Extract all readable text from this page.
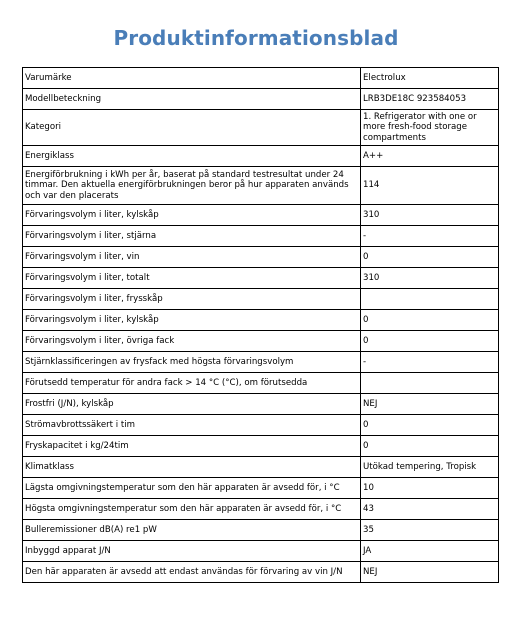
Produktinformationsblad
Varumärke	Electrolux
Modellbeteckning	LRB3DE18C 923584053
Kategori	1. Refrigerator with one or more fresh-food storage compartments
Energiklass	A++
Energiförbrukning i kWh per år, baserat på standard testresultat under 24 timmar. Den aktuella energiförbrukningen beror på hur apparaten används och var den placerats	114
Förvaringsvolym i liter, kylskåp	310
Förvaringsvolym i liter, stjärna	-
Förvaringsvolym i liter, vin	0
Förvaringsvolym i liter, totalt	310
Förvaringsvolym i liter, frysskåp	
Förvaringsvolym i liter, kylskåp	0
Förvaringsvolym i liter, övriga fack	0
Stjärnklassificeringen av frysfack med högsta förvaringsvolym	-
Förutsedd temperatur för andra fack > 14 °C (°C), om förutsedda	
Frostfri (J/N), kylskåp	NEJ
Strömavbrottssäkert i tim	0
Fryskapacitet i kg/24tim	0
Klimatklass	Utökad tempering, Tropisk
Lägsta omgivningstemperatur som den här apparaten är avsedd för, i °C	10
Högsta omgivningstemperatur som den här apparaten är avsedd för, i °C	43
Bulleremissioner dB(A) re1 pW	35
Inbyggd apparat J/N	JA
Den här apparaten är avsedd att endast användas för förvaring av vin J/N	NEJ
